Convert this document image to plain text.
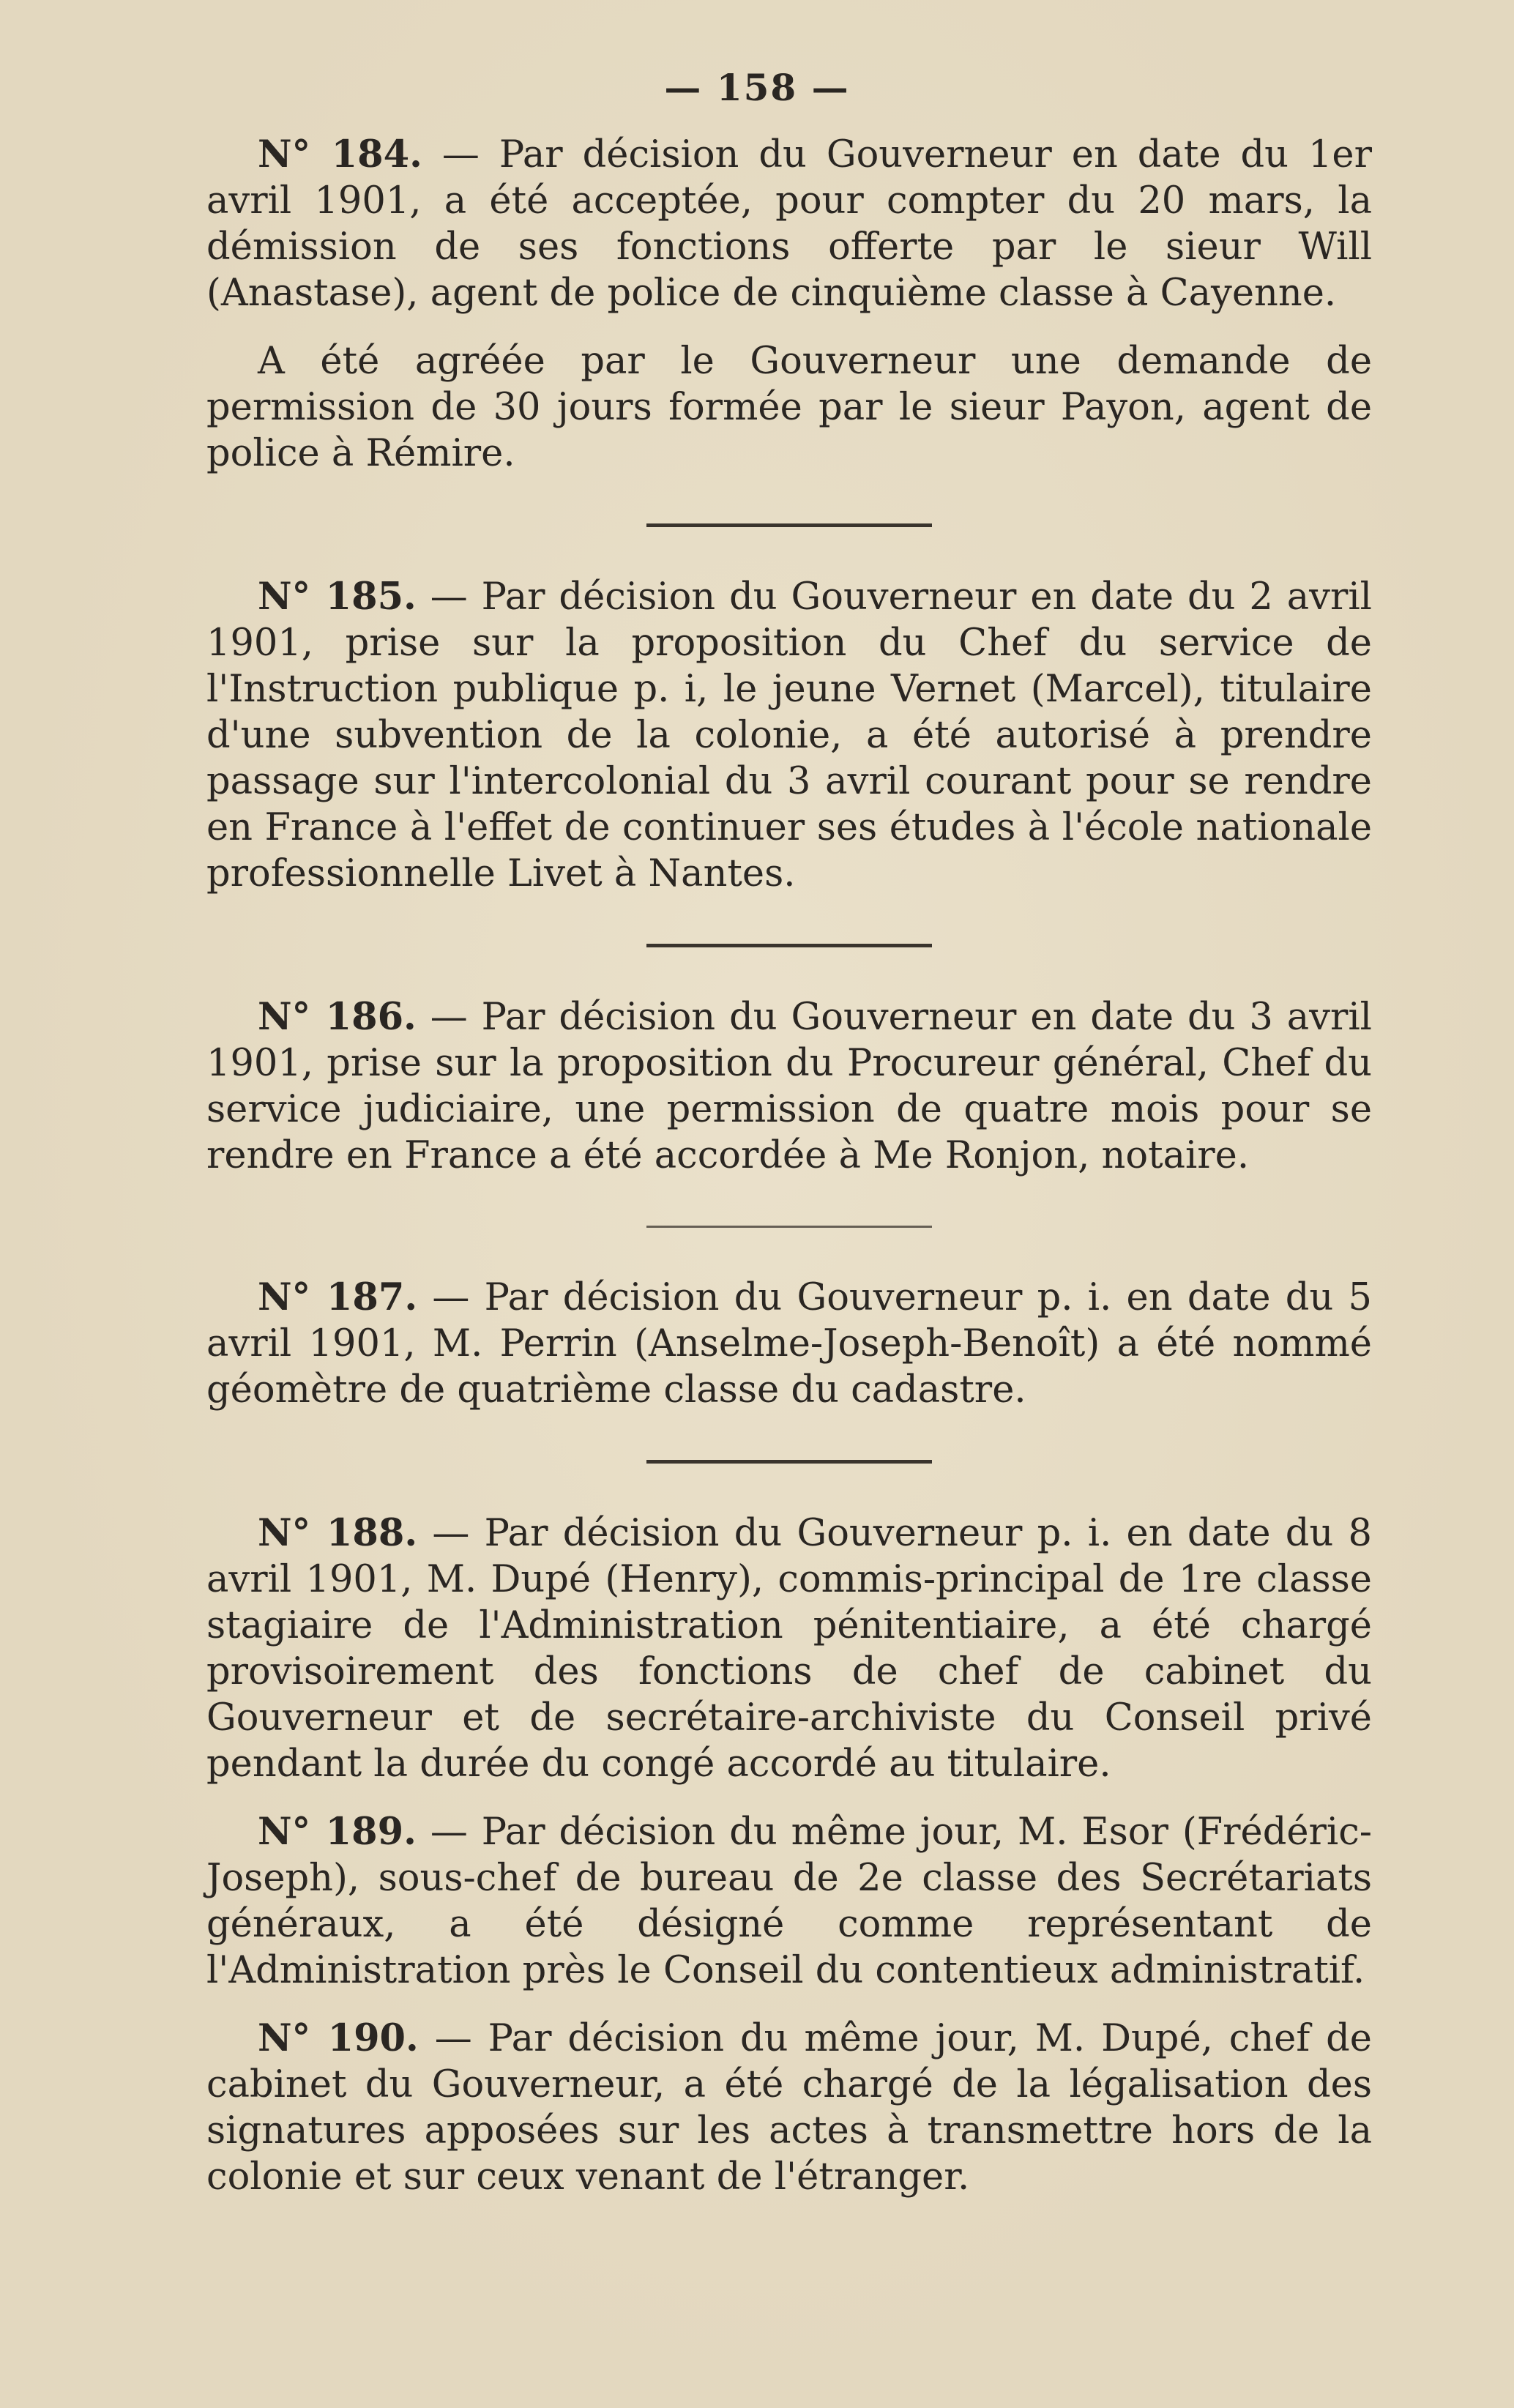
— 158 —

N° 184. — Par décision du Gouverneur en date du 1er avril 1901, a été acceptée, pour compter du 20 mars, la démission de ses fonctions offerte par le sieur Will (Anastase), agent de police de cinquième classe à Cayenne.

A été agréée par le Gouverneur une demande de permission de 30 jours formée par le sieur Payon, agent de police à Rémire.

N° 185. — Par décision du Gouverneur en date du 2 avril 1901, prise sur la proposition du Chef du service de l'Instruction publique p. i, le jeune Vernet (Marcel), titulaire d'une subvention de la colonie, a été autorisé à prendre passage sur l'intercolonial du 3 avril courant pour se rendre en France à l'effet de continuer ses études à l'école nationale professionnelle Livet à Nantes.

N° 186. — Par décision du Gouverneur en date du 3 avril 1901, prise sur la proposition du Procureur général, Chef du service judiciaire, une permission de quatre mois pour se rendre en France a été accordée à Me Ronjon, notaire.

N° 187. — Par décision du Gouverneur p. i. en date du 5 avril 1901, M. Perrin (Anselme-Joseph-Benoît) a été nommé géomètre de quatrième classe du cadastre.

N° 188. — Par décision du Gouverneur p. i. en date du 8 avril 1901, M. Dupé (Henry), commis-principal de 1re classe stagiaire de l'Administration pénitentiaire, a été chargé provisoirement des fonctions de chef de cabinet du Gouverneur et de secrétaire-archiviste du Conseil privé pendant la durée du congé accordé au titulaire.

N° 189. — Par décision du même jour, M. Esor (Frédéric-Joseph), sous-chef de bureau de 2e classe des Secrétariats généraux, a été désigné comme représentant de l'Administration près le Conseil du contentieux administratif.

N° 190. — Par décision du même jour, M. Dupé, chef de cabinet du Gouverneur, a été chargé de la légalisation des signatures apposées sur les actes à transmettre hors de la colonie et sur ceux venant de l'étranger.
